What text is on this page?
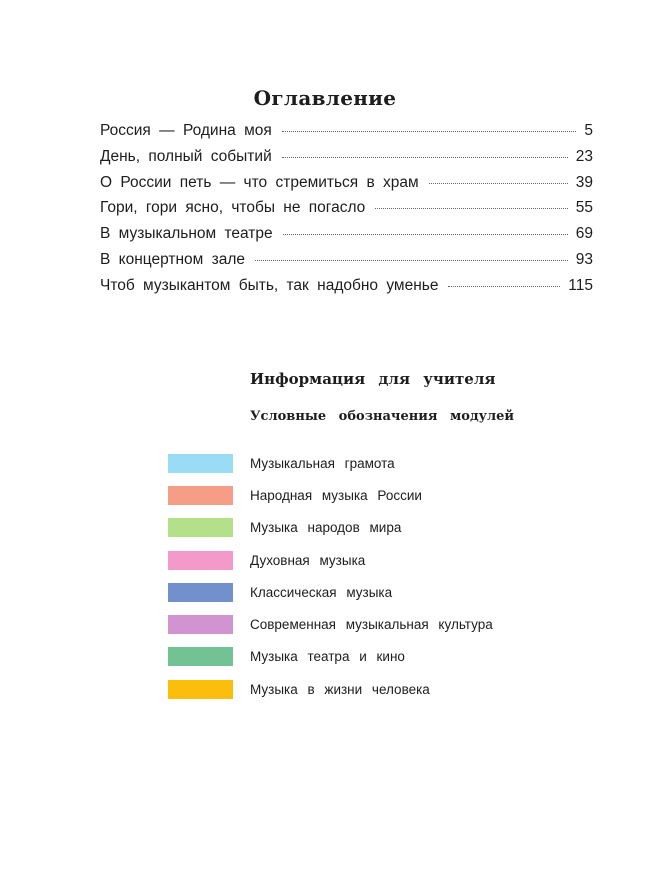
Оглавление
Россия — Родина моя	5
День, полный событий	23
О России петь — что стремиться в храм	39
Гори, гори ясно, чтобы не погасло	55
В музыкальном театре	69
В концертном зале	93
Чтоб музыкантом быть, так надобно уменье	115
Информация для учителя
Условные обозначения модулей
Музыкальная грамота
Народная музыка России
Музыка народов мира
Духовная музыка
Классическая музыка
Современная музыкальная культура
Музыка театра и кино
Музыка в жизни человека
